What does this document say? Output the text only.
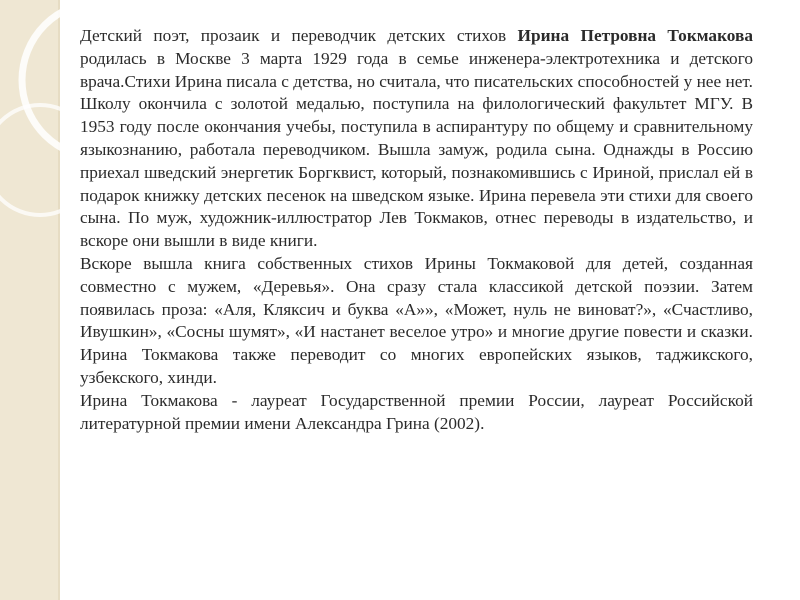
Детский поэт, прозаик и переводчик детских стихов Ирина Петровна Токмакова родилась в Москве 3 марта 1929 года в семье инженера-электротехника и детского врача.Стихи Ирина писала с детства, но считала, что писательских способностей у нее нет. Школу окончила с золотой медалью, поступила на филологический факультет МГУ. В 1953 году после окончания учебы, поступила в аспирантуру по общему и сравнительному языкознанию, работала переводчиком. Вышла замуж, родила сына. Однажды в Россию приехал шведский энергетик Боргквист, который, познакомившись с Ириной, прислал ей в подарок книжку детских песенок на шведском языке. Ирина перевела эти стихи для своего сына. По муж, художник-иллюстратор Лев Токмаков, отнес переводы в издательство, и вскоре они вышли в виде книги.

Вскоре вышла книга собственных стихов Ирины Токмаковой для детей, созданная совместно с мужем, «Деревья». Она сразу стала классикой детской поэзии. Затем появилась проза: «Аля, Кляксич и буква «А»», «Может, нуль не виноват?», «Счастливо, Ивушкин», «Сосны шумят», «И настанет веселое утро» и многие другие повести и сказки. Ирина Токмакова также переводит со многих европейских языков, таджикского, узбекского, хинди.

Ирина Токмакова - лауреат Государственной премии России, лауреат Российской литературной премии имени Александра Грина (2002).
